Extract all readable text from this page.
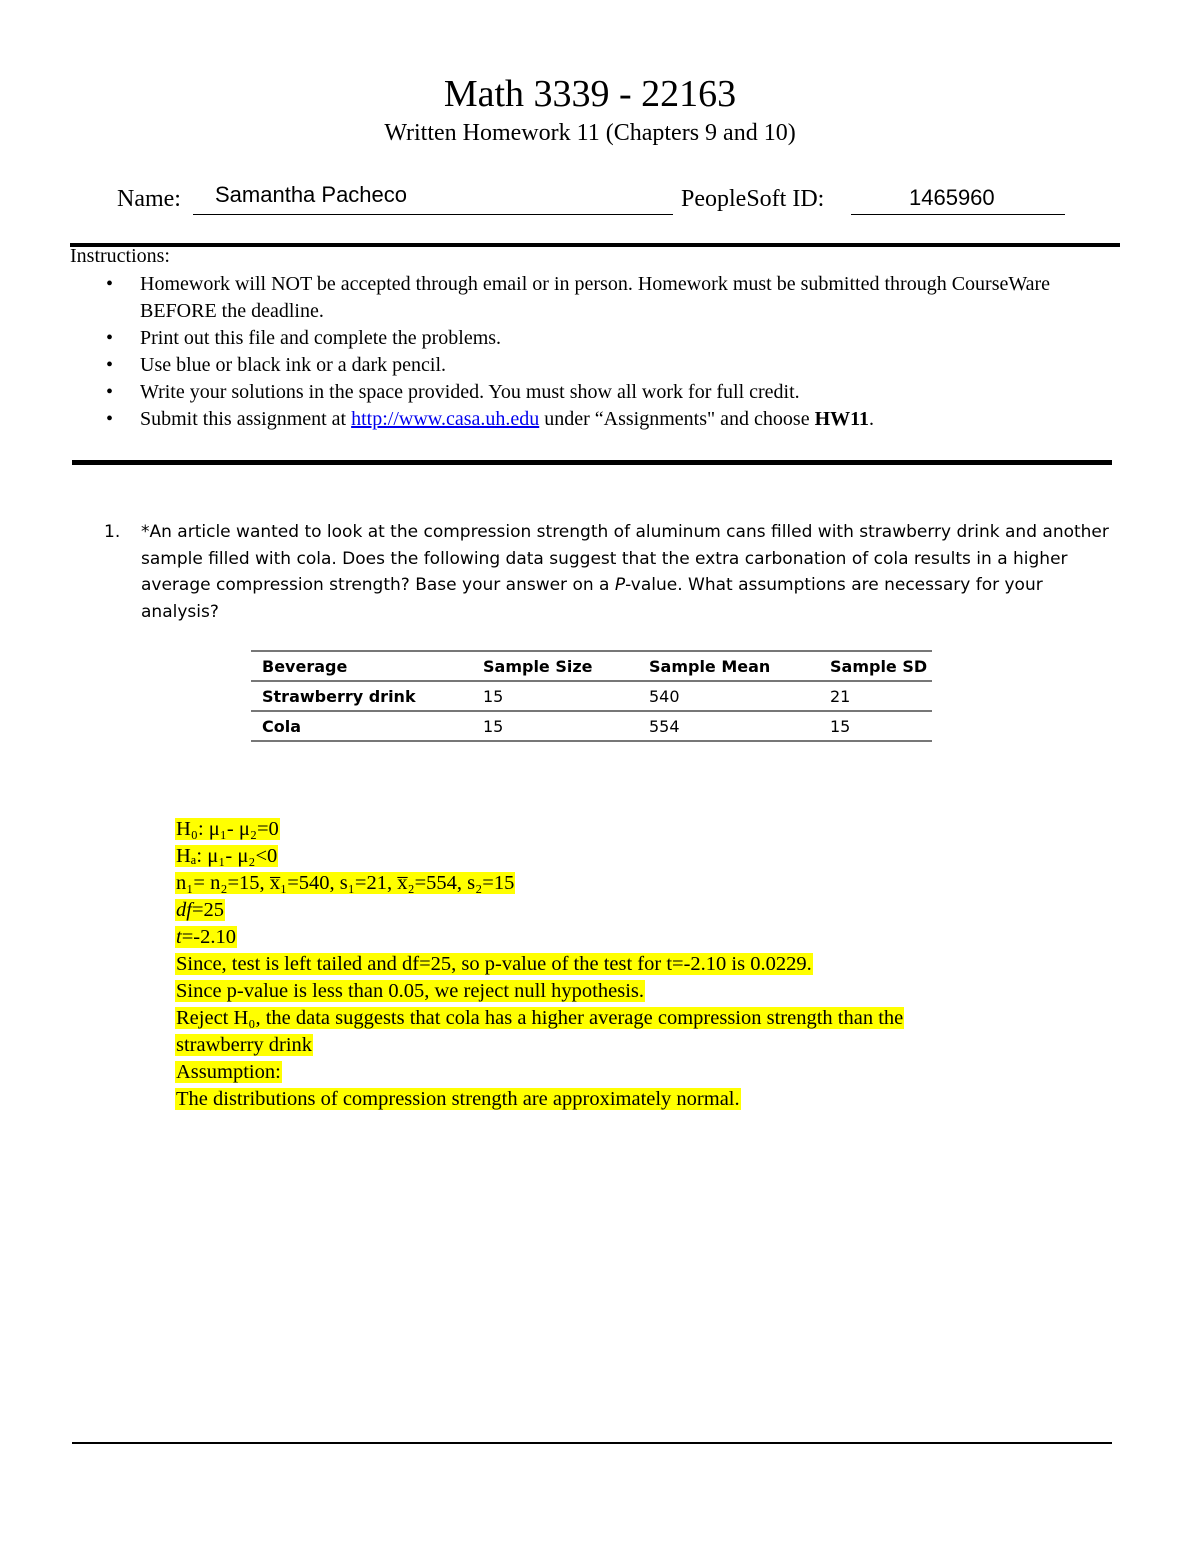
Math 3339 - 22163
Written Homework 11 (Chapters 9 and 10)
Name: Samantha Pacheco	PeopleSoft ID:	1465960
Instructions:
• Homework will NOT be accepted through email or in person. Homework must be submitted through CourseWare BEFORE the deadline.
• Print out this file and complete the problems.
• Use blue or black ink or a dark pencil.
• Write your solutions in the space provided. You must show all work for full credit.
• Submit this assignment at http://www.casa.uh.edu under “Assignments" and choose HW11.
1. *An article wanted to look at the compression strength of aluminum cans filled with strawberry drink and another sample filled with cola. Does the following data suggest that the extra carbonation of cola results in a higher average compression strength? Base your answer on a P-value. What assumptions are necessary for your analysis?
Beverage	Sample Size	Sample Mean	Sample SD
Strawberry drink	15	540	21
Cola	15	554	15
H₀: μ₁- μ₂=0
Hₐ: μ₁- μ₂<0
n₁= n₂=15, x̅₁=540, s₁=21, x̅₂=554, s₂=15
df=25
t=-2.10
Since, test is left tailed and df=25, so p-value of the test for t=-2.10 is 0.0229.
Since p-value is less than 0.05, we reject null hypothesis.
Reject H₀, the data suggests that cola has a higher average compression strength than the
strawberry drink
Assumption:
The distributions of compression strength are approximately normal.
